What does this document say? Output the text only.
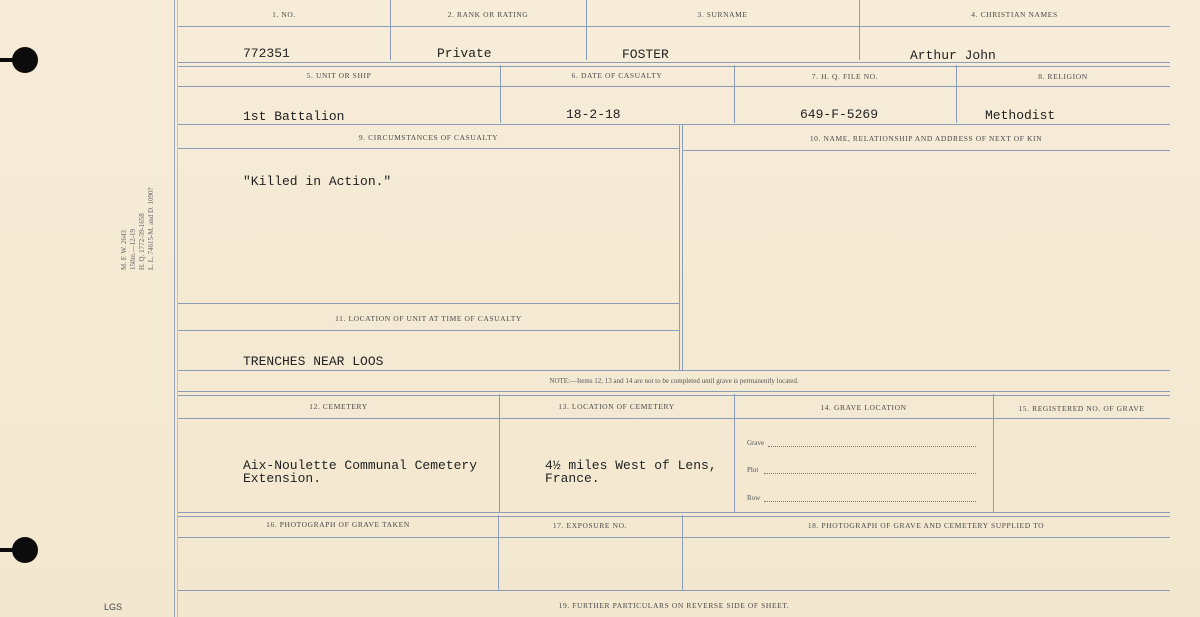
M. F. W. 2643 150m.—12-19 H. Q. 1772-39-1658 L. L. 74615-M. and D. 1090?
LGS
1. NO.	2. RANK OR RATING	3. SURNAME	4. CHRISTIAN NAMES
772351	Private	FOSTER	Arthur John
5. UNIT OR SHIP	6. DATE OF CASUALTY	7. H. Q. FILE NO.	8. RELIGION
1st Battalion	18-2-18	649-F-5269	Methodist
9. CIRCUMSTANCES OF CASUALTY	10. NAME, RELATIONSHIP AND ADDRESS OF NEXT OF KIN
"Killed in Action."
11. LOCATION OF UNIT AT TIME OF CASUALTY
TRENCHES NEAR LOOS
NOTE:—Items 12, 13 and 14 are not to be completed until grave is permanently located.
12. CEMETERY	13. LOCATION OF CEMETERY	14. GRAVE LOCATION	15. REGISTERED NO. OF GRAVE
Aix-Noulette Communal Cemetery
Extension.
4½ miles West of Lens,
France.
Grave
Plot
Row
16. PHOTOGRAPH OF GRAVE TAKEN	17. EXPOSURE NO.	18. PHOTOGRAPH OF GRAVE AND CEMETERY SUPPLIED TO
19. FURTHER PARTICULARS ON REVERSE SIDE OF SHEET.
